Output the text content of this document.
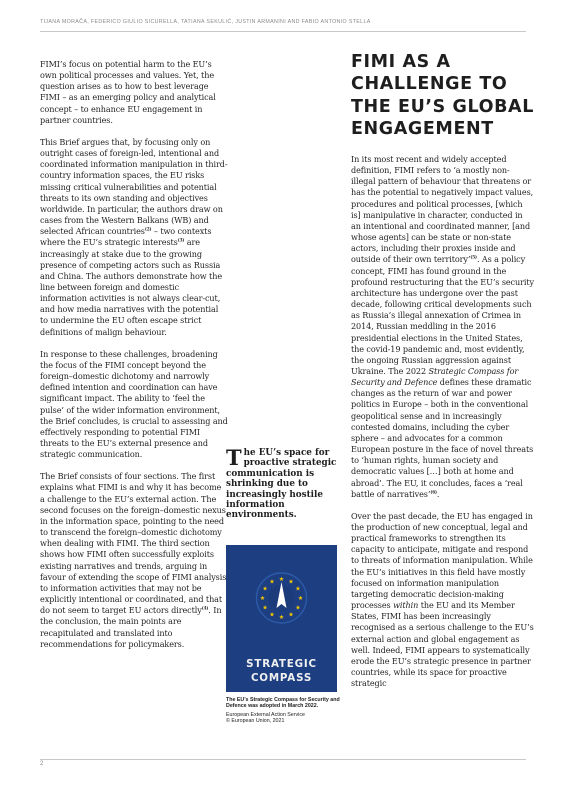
TIJANA MORAČA, FEDERICO GIULIO SICURELLA, TATIANA SEKULIĆ, JUSTIN ARMANINI AND FABIO ANTONIO STELLA

FIMI’s focus on potential harm to the EU’s own political processes and values. Yet, the question arises as to how to best leverage FIMI – as an emerging policy and analytical concept – to enhance EU engagement in partner countries.

This Brief argues that, by focusing only on outright cases of foreign-led, intentional and coordinated information manipulation in third-country information spaces, the EU risks missing critical vulnerabilities and potential threats to its own standing and objectives worldwide. In particular, the authors draw on cases from the Western Balkans (WB) and selected African countries$^{(2)}$ – two contexts where the EU’s strategic interests$^{(3)}$ are increasingly at stake due to the growing presence of competing actors such as Russia and China. The authors demonstrate how the line between foreign and domestic information activities is not always clear-cut, and how media narratives with the potential to undermine the EU often escape strict definitions of malign behaviour.

In response to these challenges, broadening the focus of the FIMI concept beyond the foreign–domestic dichotomy and narrowly defined intention and coordination can have significant impact. The ability to ‘feel the pulse’ of the wider information environment, the Brief concludes, is crucial to assessing and effectively responding to potential FIMI threats to the EU’s external presence and strategic communication.

The Brief consists of four sections. The first explains what FIMI is and why it has become a challenge to the EU’s external action. The second focuses on the foreign–domestic nexus in the information space, pointing to the need to transcend the foreign–domestic dichotomy when dealing with FIMI. The third section shows how FIMI often successfully exploits existing narratives and trends, arguing in favour of extending the scope of FIMI analysis to information activities that may not be explicitly intentional or coordinated, and that do not seem to target EU actors directly$^{(4)}$. In the conclusion, the main points are recapitulated and translated into recommendations for policymakers.

FIMI AS A
CHALLENGE TO
THE EU’S GLOBAL
ENGAGEMENT

In its most recent and widely accepted definition, FIMI refers to ‘a mostly non-illegal pattern of behaviour that threatens or has the potential to negatively impact values, procedures and political processes, [which is] manipulative in character, conducted in an intentional and coordinated manner, [and whose agents] can be state or non-state actors, including their proxies inside and outside of their own territory’$^{(5)}$. As a policy concept, FIMI has found ground in the profound restructuring that the EU’s security architecture has undergone over the past decade, following critical developments such as Russia’s illegal annexation of Crimea in 2014, Russian meddling in the 2016 presidential elections in the United States, the covid-19 pandemic and, most evidently, the ongoing Russian aggression against Ukraine. The 2022 Strategic Compass for Security and Defence defines these dramatic changes as the return of war and power politics in Europe – both in the conventional geopolitical sense and in increasingly contested domains, including the cyber sphere – and advocates for a common European posture in the face of novel threats to ‘human rights, human society and democratic values […] both at home and abroad’. The EU, it concludes, faces a ‘real battle of narratives’$^{(6)}$.

Over the past decade, the EU has engaged in the production of new conceptual, legal and practical frameworks to strengthen its capacity to anticipate, mitigate and respond to threats of information manipulation. While the EU’s initiatives in this field have mostly focused on information manipulation targeting democratic decision-making processes within the EU and its Member States, FIMI has been increasingly recognised as a serious challenge to the EU’s external action and global engagement as well. Indeed, FIMI appears to systematically erode the EU’s strategic presence in partner countries, while its space for proactive strategic

The EU’s space for proactive strategic communication is shrinking due to increasingly hostile information environments.
STRATEGIC
COMPASS
The EU’s Strategic Compass for Security and Defence was adopted in March 2022.
European External Action Service
© European Union, 2021
2
